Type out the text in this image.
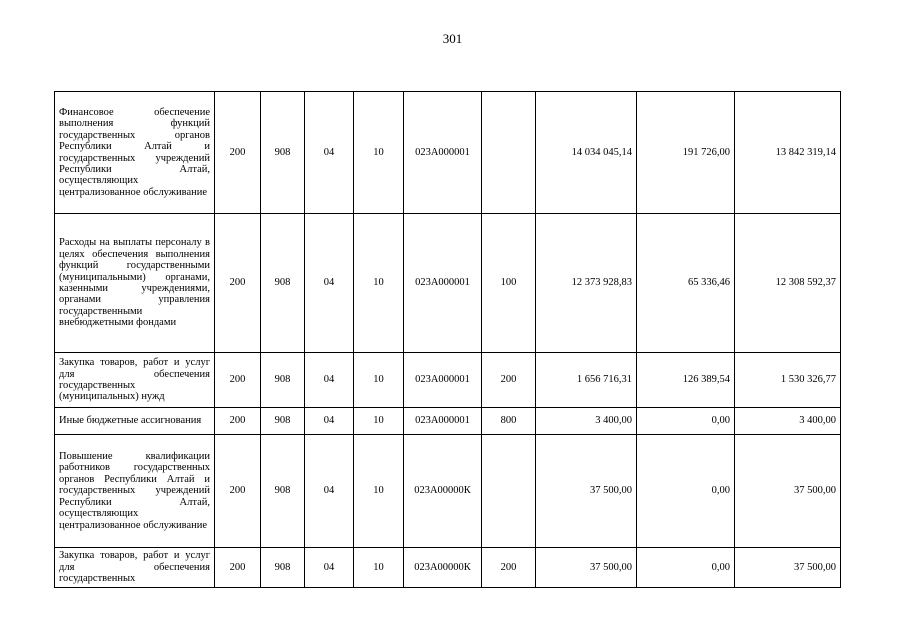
301
Финансовое обеспечение выполнения функций государственных органов Республики Алтай и государственных учреждений Республики Алтай, осуществляющих централизованное обслуживание	200	908	04	10	023А000001		14 034 045,14	191 726,00	13 842 319,14
Расходы на выплаты персоналу в целях обеспечения выполнения функций государственными (муниципальными) органами, казенными учреждениями, органами управления государственными внебюджетными фондами	200	908	04	10	023А000001	100	12 373 928,83	65 336,46	12 308 592,37
Закупка товаров, работ и услуг для обеспечения государственных (муниципальных) нужд	200	908	04	10	023А000001	200	1 656 716,31	126 389,54	1 530 326,77
Иные бюджетные ассигнования	200	908	04	10	023А000001	800	3 400,00	0,00	3 400,00
Повышение квалификации работников государственных органов Республики Алтай и государственных учреждений Республики Алтай, осуществляющих централизованное обслуживание	200	908	04	10	023А00000К		37 500,00	0,00	37 500,00
Закупка товаров, работ и услуг для обеспечения государственных	200	908	04	10	023А00000К	200	37 500,00	0,00	37 500,00
